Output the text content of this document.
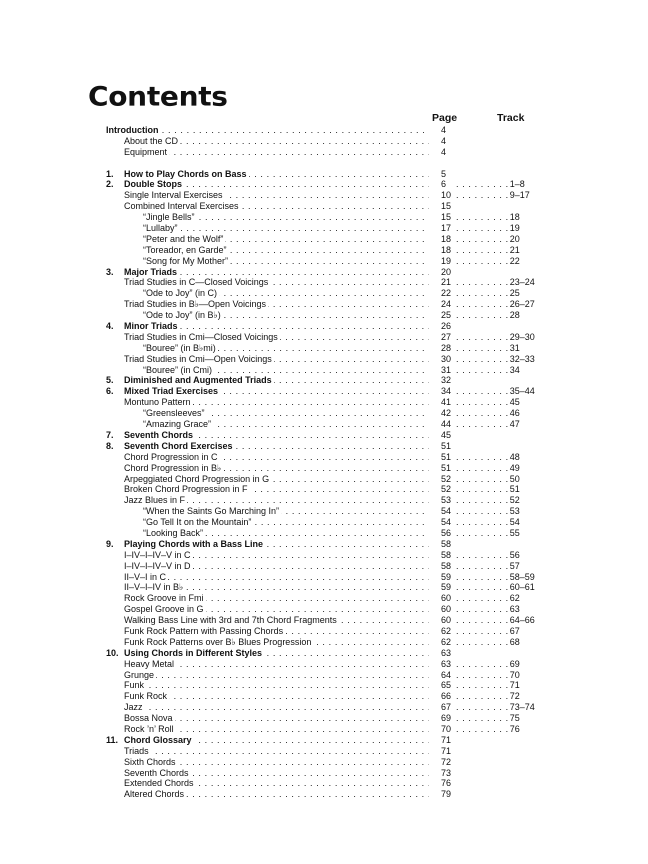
Contents
Page	Track
Introduction . . .	4
About the CD . . .	4
Equipment . . .	4
1. How to Play Chords on Bass . . .	5
2. Double Stops . . .	6 . . . . . . . . .1–8
Single Interval Exercises . . .	10 . . . . . . . . .9–17
Combined Interval Exercises . . .	15
“Jingle Bells” . . .	15 . . . . . . . . .18
“Lullaby” . . .	17 . . . . . . . . .19
“Peter and the Wolf” . . .	18 . . . . . . . . .20
“Toreador, en Garde” . . .	18 . . . . . . . . .21
“Song for My Mother” . . .	19 . . . . . . . . .22
3. Major Triads . . .	20
Triad Studies in C—Closed Voicings . . .	21 . . . . . . . . .23–24
“Ode to Joy” (in C) . . .	22 . . . . . . . . .25
Triad Studies in B♭—Open Voicings . . .	24 . . . . . . . . .26–27
“Ode to Joy” (in B♭) . . .	25 . . . . . . . . .28
4. Minor Triads . . .	26
Triad Studies in Cmi—Closed Voicings . . .	27 . . . . . . . . .29–30
“Bouree” (in B♭mi) . . .	28 . . . . . . . . .31
Triad Studies in Cmi—Open Voicings . . .	30 . . . . . . . . .32–33
“Bouree” (in Cmi) . . .	31 . . . . . . . . .34
5. Diminished and Augmented Triads . . .	32
6. Mixed Triad Exercises . . .	34 . . . . . . . . .35–44
Montuno Pattern . . .	41 . . . . . . . . .45
“Greensleeves” . . .	42 . . . . . . . . .46
“Amazing Grace” . . .	44 . . . . . . . . .47
7. Seventh Chords . . .	45
8. Seventh Chord Exercises . . .	51
Chord Progression in C . . .	51 . . . . . . . . .48
Chord Progression in B♭ . . .	51 . . . . . . . . .49
Arpeggiated Chord Progression in G . . .	52 . . . . . . . . .50
Broken Chord Progression in F . . .	52 . . . . . . . . .51
Jazz Blues in F . . .	53 . . . . . . . . .52
“When the Saints Go Marching In” . . .	54 . . . . . . . . .53
“Go Tell It on the Mountain” . . .	54 . . . . . . . . .54
“Looking Back” . . .	56 . . . . . . . . .55
9. Playing Chords with a Bass Line . . .	58
I–IV–I–IV–V in C . . .	58 . . . . . . . . .56
I–IV–I–IV–V in D . . .	58 . . . . . . . . .57
II–V–I in C . . .	59 . . . . . . . . .58–59
II–V–I–IV in B♭ . . .	59 . . . . . . . . .60–61
Rock Groove in Fmi . . .	60 . . . . . . . . .62
Gospel Groove in G . . .	60 . . . . . . . . .63
Walking Bass Line with 3rd and 7th Chord Fragments . . .	60 . . . . . . . . .64–66
Funk Rock Pattern with Passing Chords . . .	62 . . . . . . . . .67
Funk Rock Patterns over B♭ Blues Progression . . .	62 . . . . . . . . .68
10. Using Chords in Different Styles . . .	63
Heavy Metal . . .	63 . . . . . . . . .69
Grunge . . .	64 . . . . . . . . .70
Funk . . .	65 . . . . . . . . .71
Funk Rock . . .	66 . . . . . . . . .72
Jazz . . .	67 . . . . . . . . .73–74
Bossa Nova . . .	69 . . . . . . . . .75
Rock ’n’ Roll . . .	70 . . . . . . . . .76
11. Chord Glossary . . .	71
Triads . . .	71
Sixth Chords . . .	72
Seventh Chords . . .	73
Extended Chords . . .	76
Altered Chords . . .	79
